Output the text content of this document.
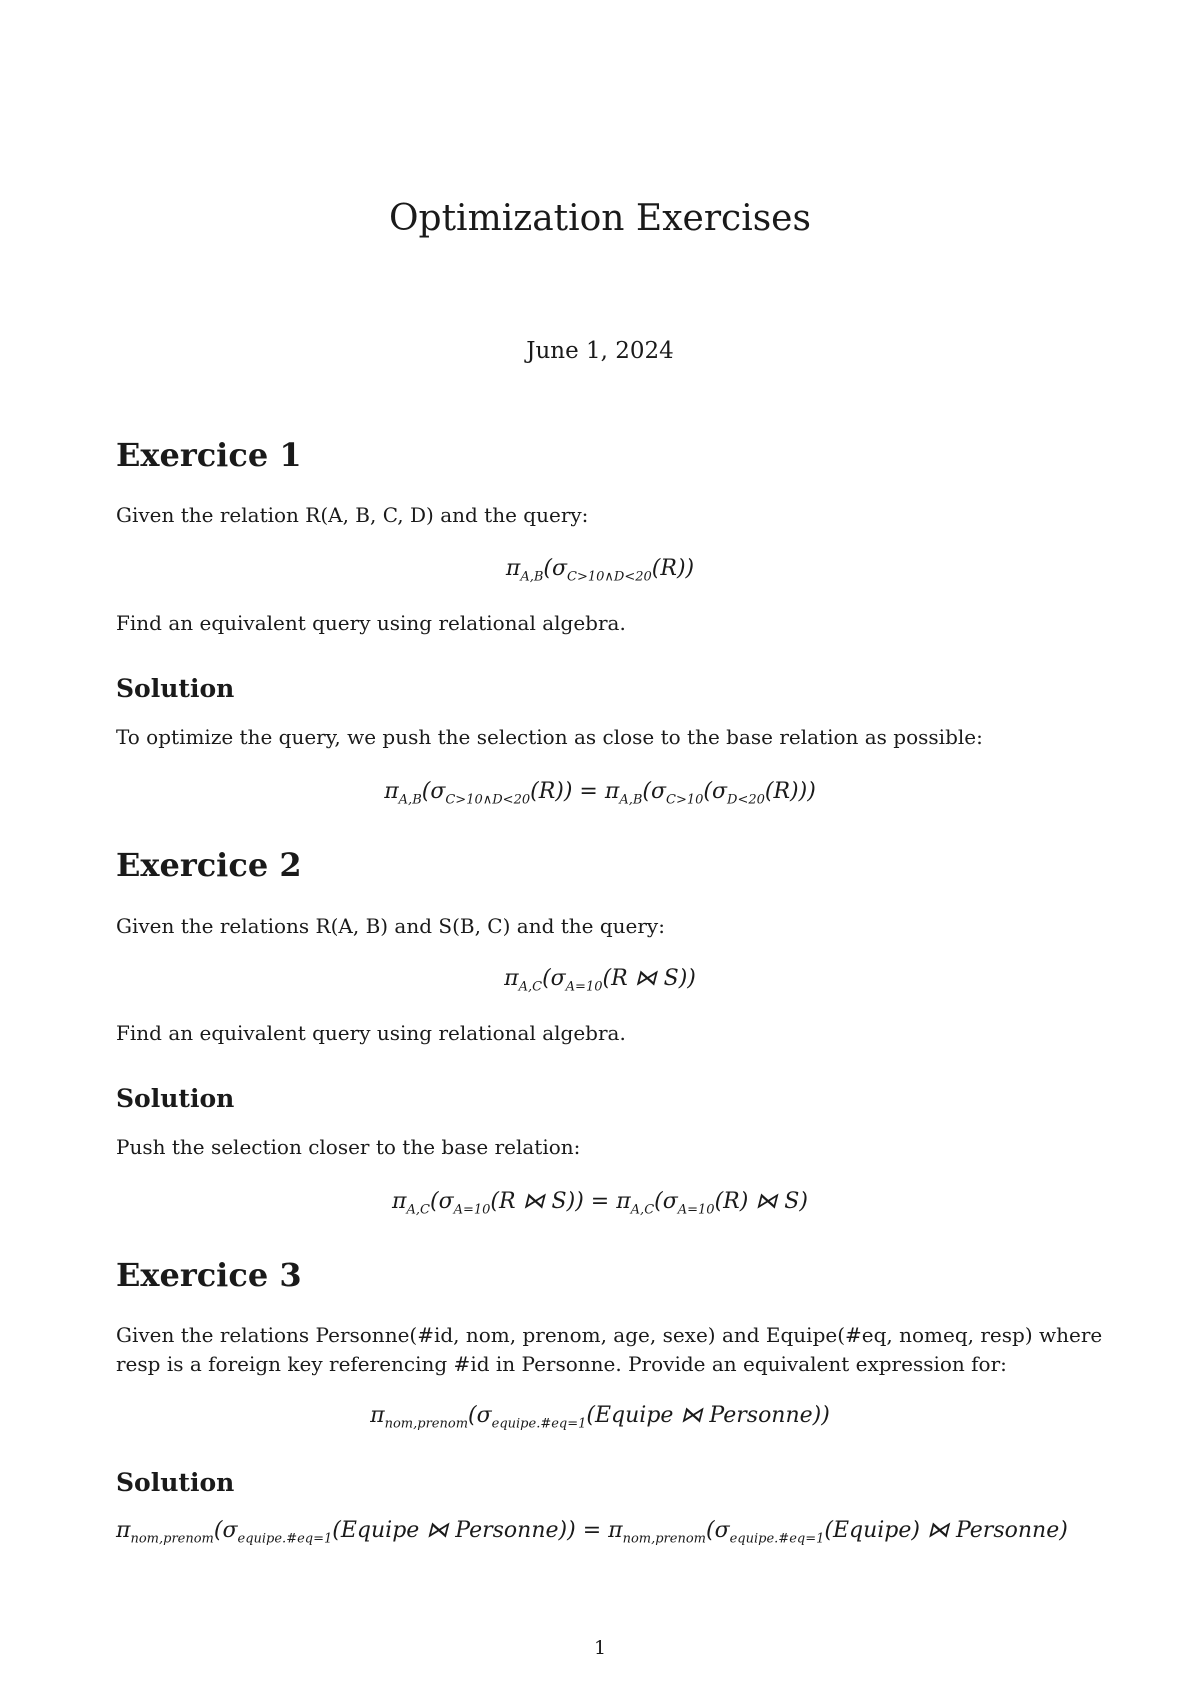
Optimization Exercises
June 1, 2024
Exercice 1
Given the relation R(A, B, C, D) and the query:
$\pi_{A,B}(\sigma_{C>10\wedge D<20}(R))$
Find an equivalent query using relational algebra.
Solution
To optimize the query, we push the selection as close to the base relation as possible:
$\pi_{A,B}(\sigma_{C>10\wedge D<20}(R)) = \pi_{A,B}(\sigma_{C>10}(\sigma_{D<20}(R)))$
Exercice 2
Given the relations R(A, B) and S(B, C) and the query:
$\pi_{A,C}(\sigma_{A=10}(R$ ⋈ S))
Find an equivalent query using relational algebra.
Solution
Push the selection closer to the base relation:
$\pi_{A,C}(\sigma_{A=10}(R$ ⋈ $S)) = \pi_{A,C}(\sigma_{A=10}(R)$ ⋈ S)
Exercice 3
Given the relations Personne(#id, nom, prenom, age, sexe) and Equipe(#eq, nomeq, resp) where resp is a foreign key referencing #id in Personne. Provide an equivalent expression for:
$\pi_{nom,prenom}(\sigma_{equipe.\#eq=1}(Equipe$ ⋈ Personne))
Solution
$\pi_{nom,prenom}(\sigma_{equipe.\#eq=1}(Equipe$ ⋈ Personne)) = $\pi_{nom,prenom}(\sigma_{equipe.\#eq=1}(Equipe)$ ⋈ Personne)
1
